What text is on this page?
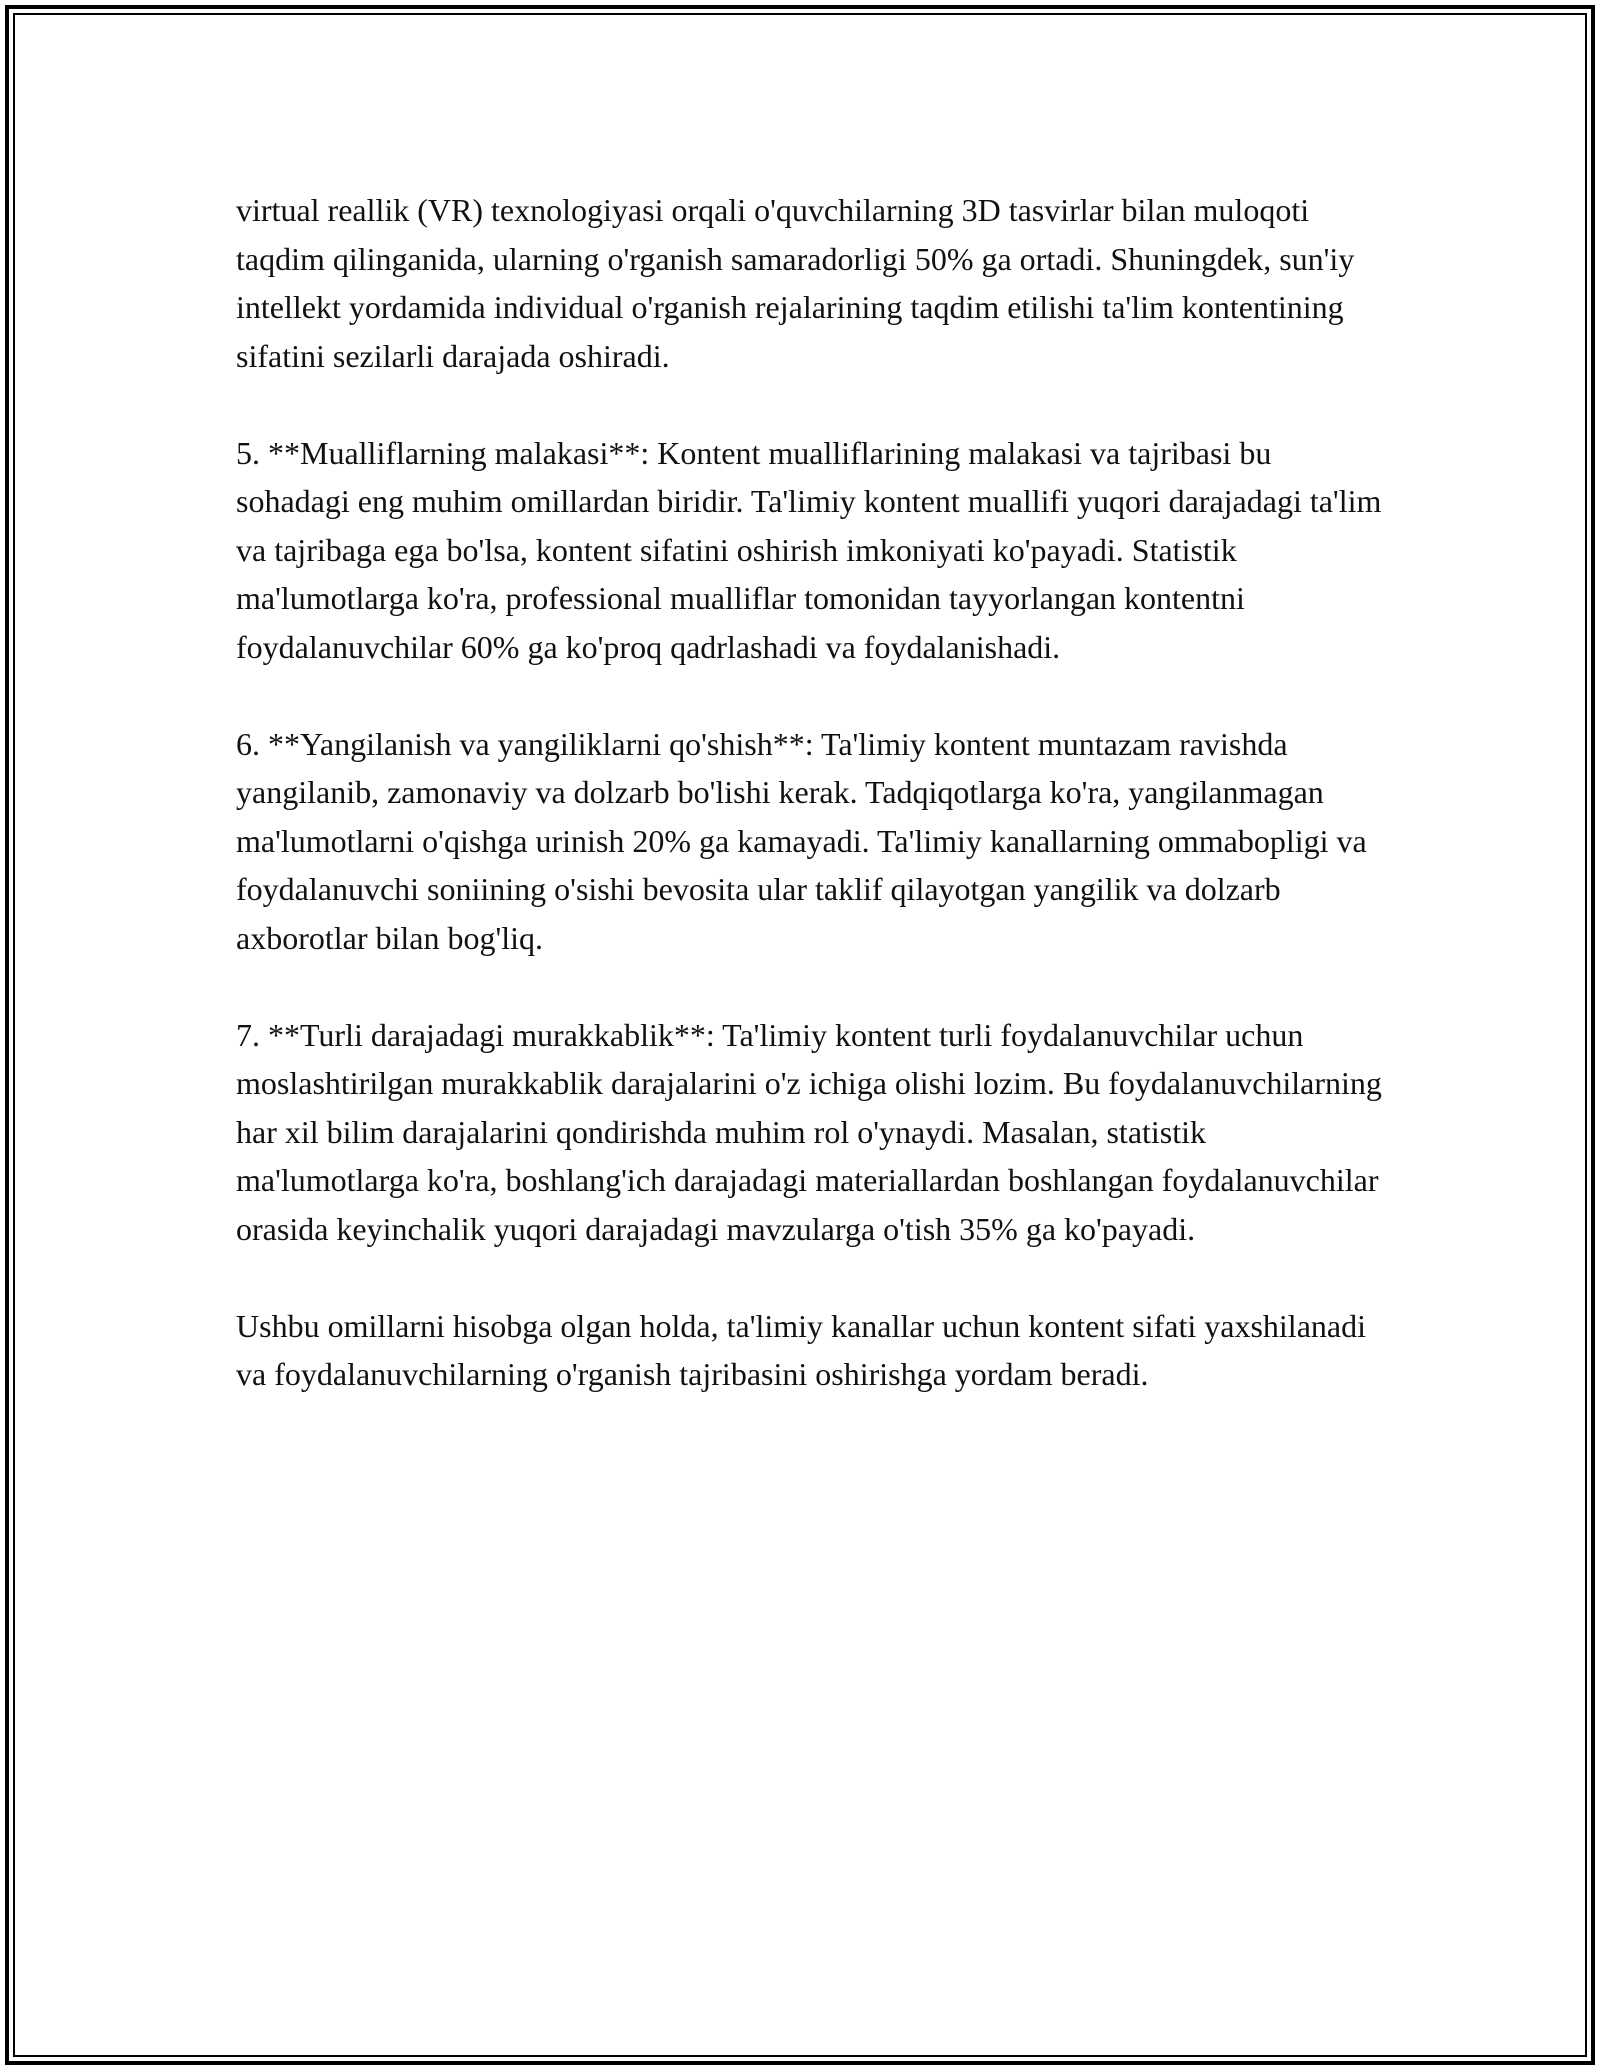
virtual reallik (VR) texnologiyasi orqali o'quvchilarning 3D tasvirlar bilan muloqoti taqdim qilinganida, ularning o'rganish samaradorligi 50% ga ortadi. Shuningdek, sun'iy intellekt yordamida individual o'rganish rejalarining taqdim etilishi ta'lim kontentining sifatini sezilarli darajada oshiradi.

5. **Mualliflarning malakasi**: Kontent mualliflarining malakasi va tajribasi bu sohadagi eng muhim omillardan biridir. Ta'limiy kontent muallifi yuqori darajadagi ta'lim va tajribaga ega bo'lsa, kontent sifatini oshirish imkoniyati ko'payadi. Statistik ma'lumotlarga ko'ra, professional mualliflar tomonidan tayyorlangan kontentni foydalanuvchilar 60% ga ko'proq qadrlashadi va foydalanishadi.

6. **Yangilanish va yangiliklarni qo'shish**: Ta'limiy kontent muntazam ravishda yangilanib, zamonaviy va dolzarb bo'lishi kerak. Tadqiqotlarga ko'ra, yangilanmagan ma'lumotlarni o'qishga urinish 20% ga kamayadi. Ta'limiy kanallarning ommabopligi va foydalanuvchi soniining o'sishi bevosita ular taklif qilayotgan yangilik va dolzarb axborotlar bilan bog'liq.

7. **Turli darajadagi murakkablik**: Ta'limiy kontent turli foydalanuvchilar uchun moslashtirilgan murakkablik darajalarini o'z ichiga olishi lozim. Bu foydalanuvchilarning har xil bilim darajalarini qondirishda muhim rol o'ynaydi. Masalan, statistik ma'lumotlarga ko'ra, boshlang'ich darajadagi materiallardan boshlangan foydalanuvchilar orasida keyinchalik yuqori darajadagi mavzularga o'tish 35% ga ko'payadi.

Ushbu omillarni hisobga olgan holda, ta'limiy kanallar uchun kontent sifati yaxshilanadi va foydalanuvchilarning o'rganish tajribasini oshirishga yordam beradi.
